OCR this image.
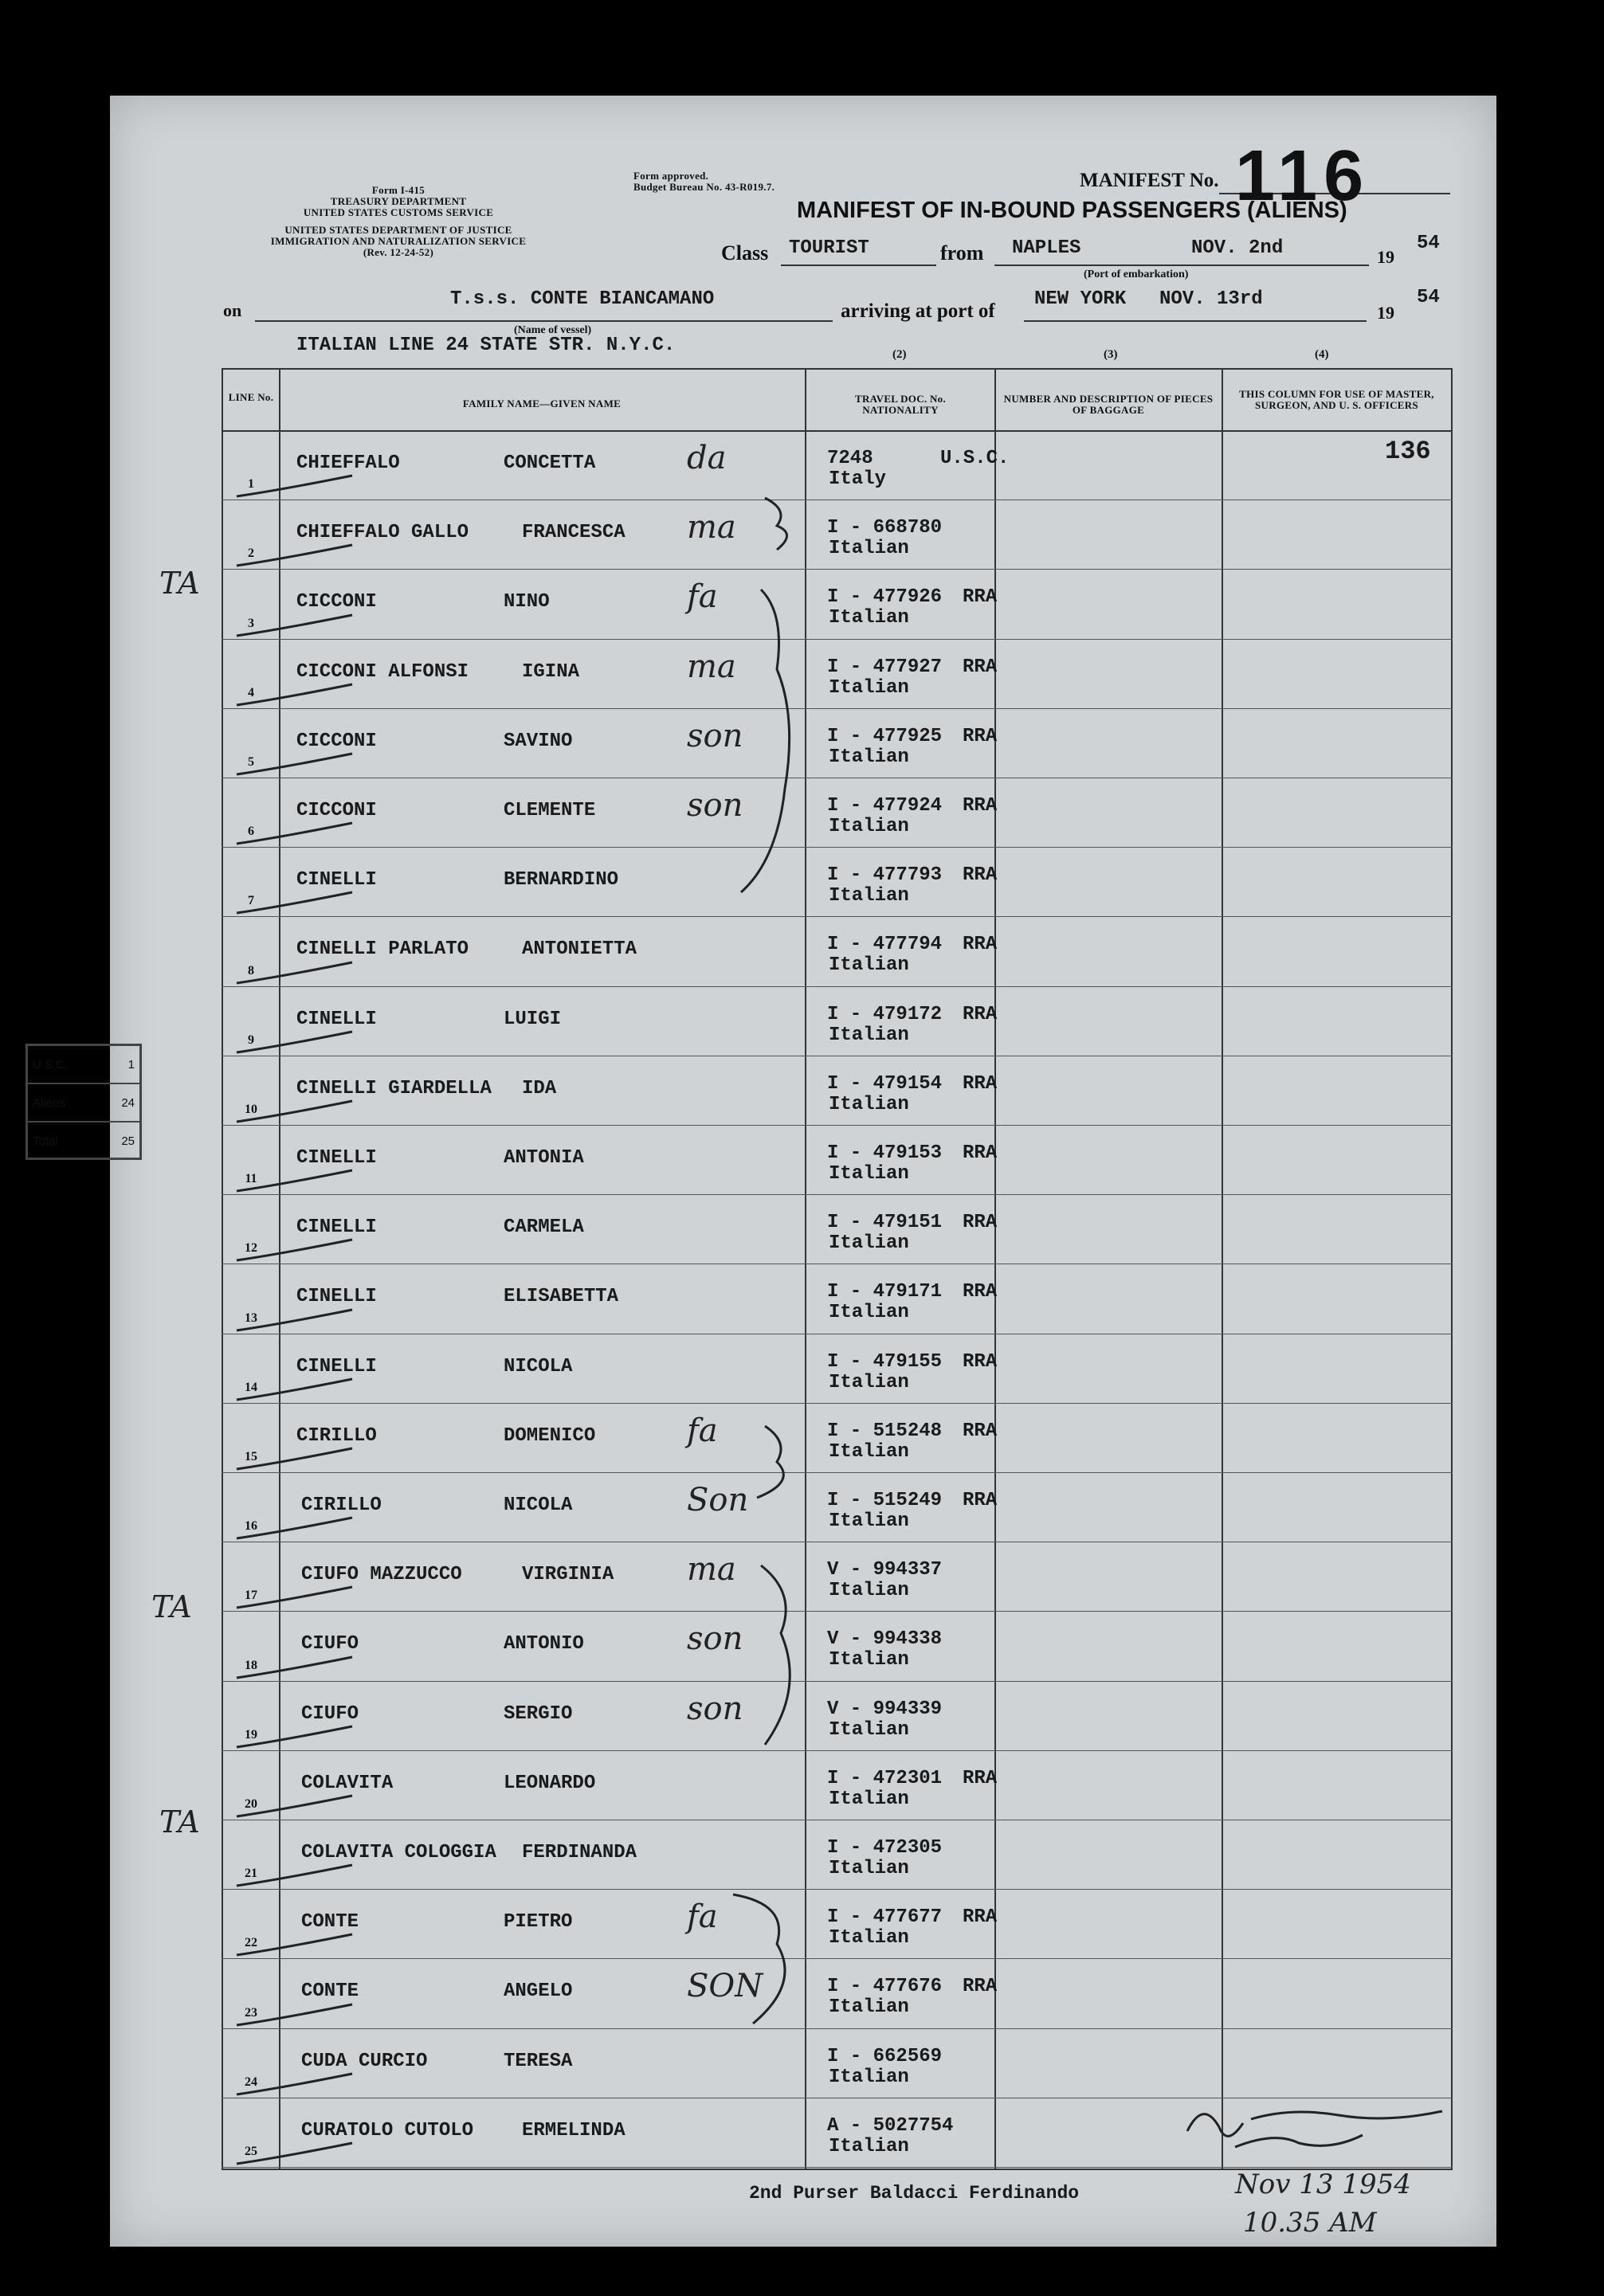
Form I-415
TREASURY DEPARTMENT
UNITED STATES CUSTOMS SERVICE
UNITED STATES DEPARTMENT OF JUSTICE
IMMIGRATION AND NATURALIZATION SERVICE
(Rev. 12-24-52)
Form approved.
Budget Bureau No. 43-R019.7.	MANIFEST No. 116
MANIFEST OF IN-BOUND PASSENGERS (ALIENS)
Class TOURIST	from NAPLES	NOV. 2nd	19
54
(Port of embarkation)
on
T.s.s. CONTE BIANCAMANO
(Name of vessel)
arriving at port of
NEW YORK NOV. 13rd
19
54
ITALIAN LINE 24 STATE STR. N.Y.C.	(2)	(3)	(4)
LINE No.
FAMILY NAME—GIVEN NAME	TRAVEL DOC. No. NATIONALITY
NUMBER AND DESCRIPTION OF PIECES OF BAGGAGE
THIS COLUMN FOR USE OF MASTER, SURGEON, AND U. S. OFFICERS
136
1
CHIEFFALO	CONCETTA	7248	U.S.C.
Italy
da
2
CHIEFFALO GALLO	FRANCESCA	I - 668780
Italian
ma
3
CICCONI	NINO	I - 477926 RRA
Italian
fa
4
CICCONI ALFONSI	IGINA	I - 477927 RRA
Italian
ma
5
CICCONI	SAVINO	I - 477925 RRA
Italian
son
6
CICCONI	CLEMENTE	I - 477924 RRA
Italian
son
7
CINELLI	BERNARDINO	I - 477793 RRA
Italian
8
CINELLI PARLATO	ANTONIETTA	I - 477794 RRA
Italian
9
CINELLI	LUIGI	I - 479172 RRA
Italian
10
CINELLI GIARDELLA IDA	I - 479154 RRA
Italian
11
CINELLI	ANTONIA	I - 479153 RRA
Italian
12
CINELLI	CARMELA	I - 479151 RRA
Italian
13
CINELLI	ELISABETTA	I - 479171 RRA
Italian
14
CINELLI	NICOLA	I - 479155 RRA
Italian
15
CIRILLO	DOMENICO	I - 515248 RRA
Italian
fa
16
CIRILLO	NICOLA	I - 515249 RRA
Italian
Son
17
CIUFO MAZZUCCO	VIRGINIA	V - 994337
Italian
ma
18
CIUFO	ANTONIO	V - 994338
Italian
son
19
CIUFO	SERGIO	V - 994339
Italian
son
20
COLAVITA	LEONARDO	I - 472301 RRA
Italian
21
COLAVITA COLOGGIA FERDINANDA	I - 472305
Italian
22
CONTE	PIETRO	I - 477677 RRA
Italian
fa
23
CONTE	ANGELO	I - 477676 RRA
Italian
SON
24
CUDA CURCIO	TERESA	I - 662569
Italian
25
CURATOLO CUTOLO	ERMELINDA	A - 5027754
Italian
U.S.C.	1
Aliens	24
Total	25
TA
TA
TA
2nd Purser Baldacci Ferdinando	Nov 13 1954
10.35 AM
